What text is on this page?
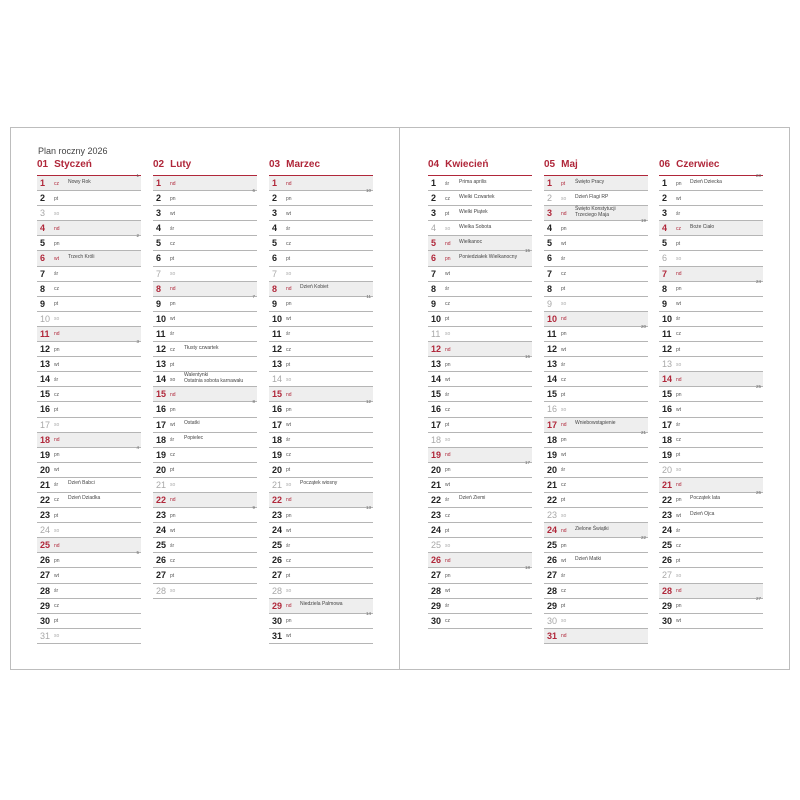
Plan roczny 2026
01 Styczeń
1	cz Nowy Rok
1
2	pt
3	so
4	nd
5	pn
2
6	wt Trzech Króli
7	śr
8	cz
9	pt
10 so
11 nd
12 pn
3
13 wt
14 śr
15 cz
16 pt
17 so
18 nd
19 pn
4
20 wt
21 śr Dzień Babci
22 cz Dzień Dziadka
23 pt
24 so
25 nd
26 pn
5
27 wt
28 śr
29 cz
30 pt
31 so
02 Luty
1	nd
2	pn
6
3	wt
4	śr
5	cz
6	pt
7	so
8	nd
9	pn
7
10 wt
11 śr
12 cz Tłusty czwartek
13 pt
14 so
Walentynki
Ostatnia sobota karnawału
15 nd
16 pn
8
17 wt Ostatki
18 śr Popielec
19 cz
20 pt
21 so
22 nd
23 pn
9
24 wt
25 śr
26 cz
27 pt
28 so
03 Marzec
1	nd
2	pn
10
3	wt
4	śr
5	cz
6	pt
7	so
8	nd Dzień Kobiet
9	pn
11
10 wt
11 śr
12 cz
13 pt
14 so
15 nd
16 pn
12
17 wt
18 śr
19 cz
20 pt
21 so Początek wiosny
22 nd
23 pn
13
24 wt
25 śr
26 cz
27 pt
28 so
29 nd Niedziela Palmowa
30 pn
14
31 wt
04 Kwiecień
1	śr Prima aprilis
2	cz Wielki Czwartek
3	pt Wielki Piątek
4	so Wielka Sobota
5	nd Wielkanoc
6	pn Poniedziałek Wielkanocny
15
7	wt
8	śr
9	cz
10 pt
11 so
12 nd
13 pn
16
14 wt
15 śr
16 cz
17 pt
18 so
19 nd
20 pn
17
21 wt
22 śr Dzień Ziemi
23 cz
24 pt
25 so
26 nd
27 pn
18
28 wt
29 śr
30 cz
05 Maj
1	pt Święto Pracy
2	so Dzień Flagi RP
3	nd
Święto Konstytucji
Trzeciego Maja
4	pn
19
5	wt
6	śr
7	cz
8	pt
9	so
10 nd
11 pn
20
12 wt
13 śr
14 cz
15 pt
16 so
17 nd Wniebowstąpienie
18 pn
21
19 wt
20 śr
21 cz
22 pt
23 so
24 nd Zielone Świątki
25 pn
22
26 wt Dzień Matki
27 śr
28 cz
29 pt
30 so
31 nd
06 Czerwiec
1	pn Dzień Dziecka
23
2	wt
3	śr
4	cz Boże Ciało
5	pt
6	so
7	nd
8	pn
24
9	wt
10 śr
11 cz
12 pt
13 so
14 nd
15 pn
25
16 wt
17 śr
18 cz
19 pt
20 so
21 nd
22 pn Początek lata
26
23 wt Dzień Ojca
24 śr
25 cz
26 pt
27 so
28 nd
29 pn
27
30 wt
